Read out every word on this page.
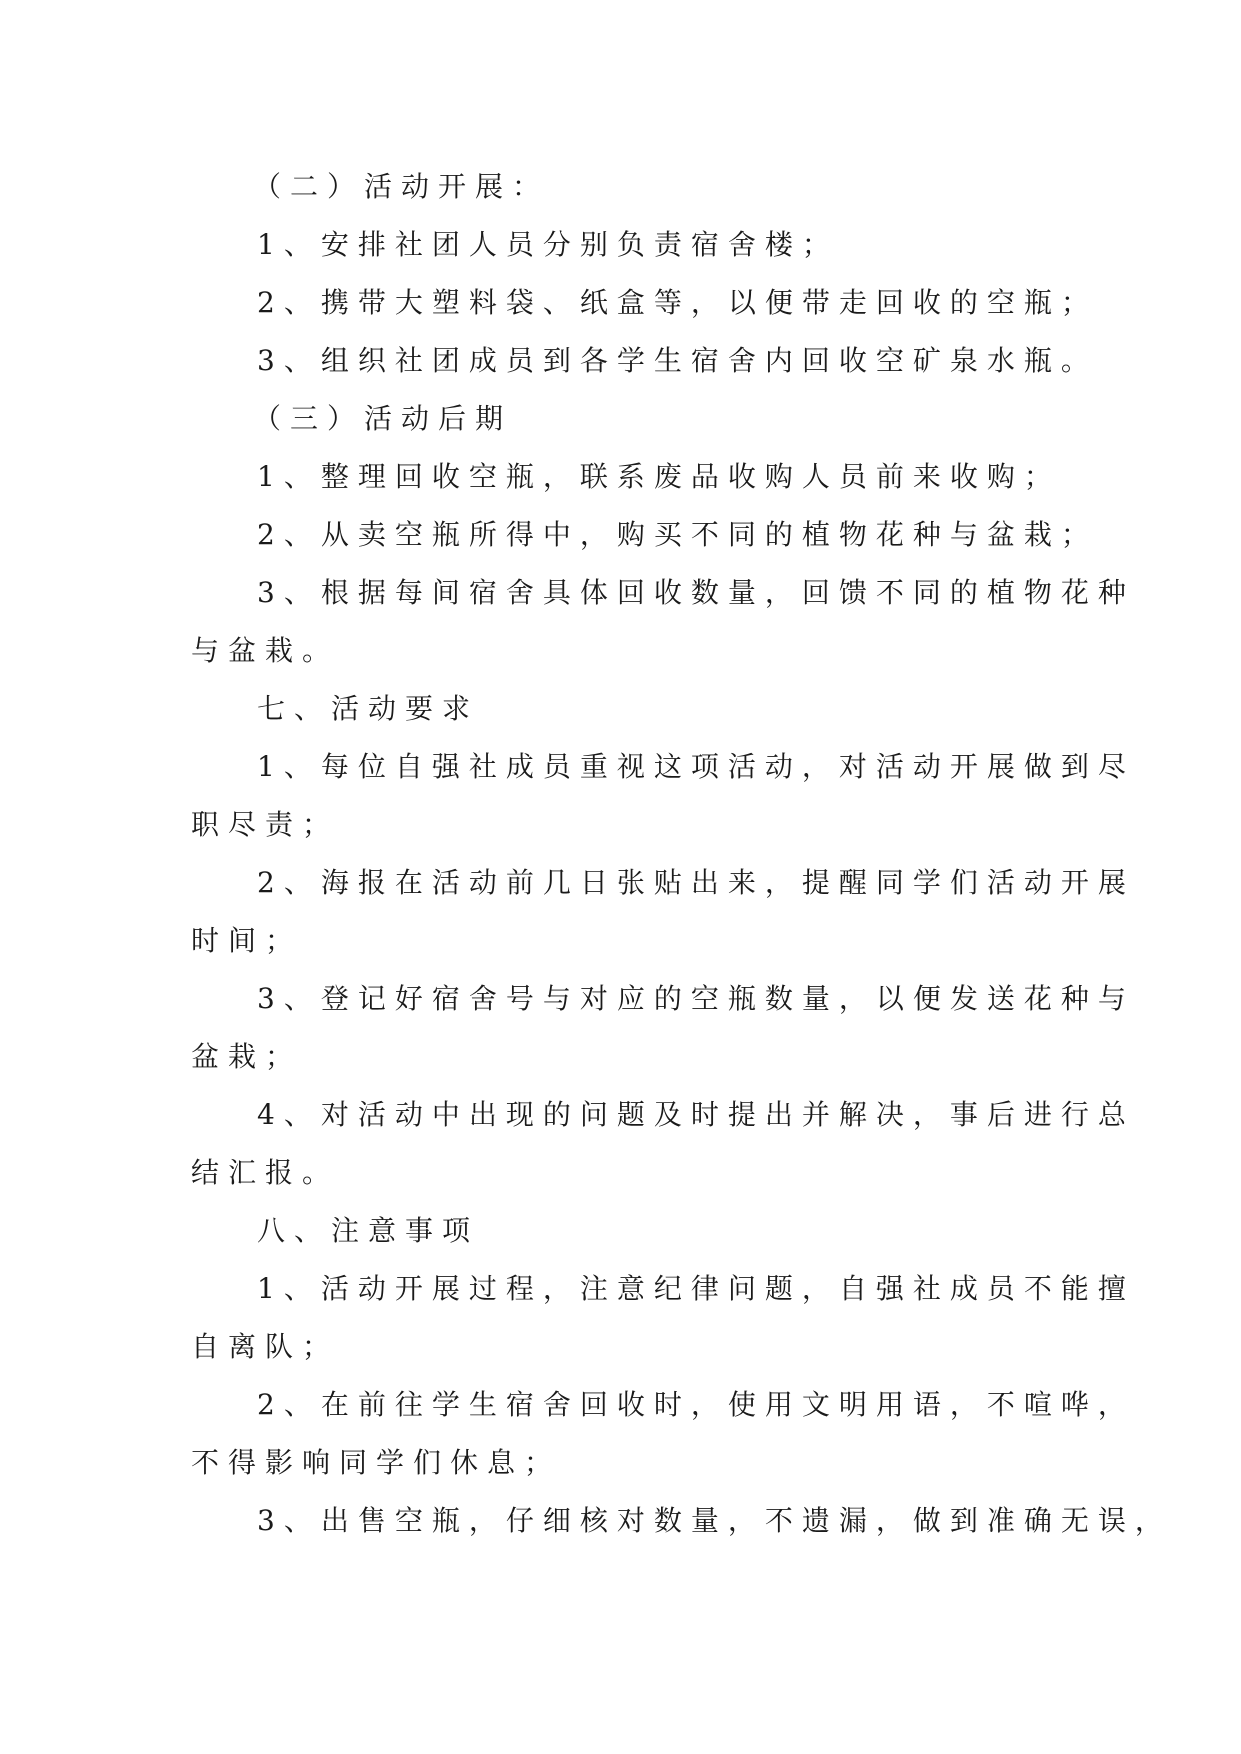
（二）活动开展：

1、安排社团人员分别负责宿舍楼；

2、携带大塑料袋、纸盒等，以便带走回收的空瓶；

3、组织社团成员到各学生宿舍内回收空矿泉水瓶。

（三）活动后期

1、整理回收空瓶，联系废品收购人员前来收购；

2、从卖空瓶所得中，购买不同的植物花种与盆栽；

3、根据每间宿舍具体回收数量，回馈不同的植物花种

与盆栽。

七、活动要求

1、每位自强社成员重视这项活动，对活动开展做到尽

职尽责；

2、海报在活动前几日张贴出来，提醒同学们活动开展

时间；

3、登记好宿舍号与对应的空瓶数量，以便发送花种与

盆栽；

4、对活动中出现的问题及时提出并解决，事后进行总

结汇报。

八、注意事项

1、活动开展过程，注意纪律问题，自强社成员不能擅

自离队；

2、在前往学生宿舍回收时，使用文明用语，不喧哗，

不得影响同学们休息；

3、出售空瓶，仔细核对数量，不遗漏，做到准确无误，
